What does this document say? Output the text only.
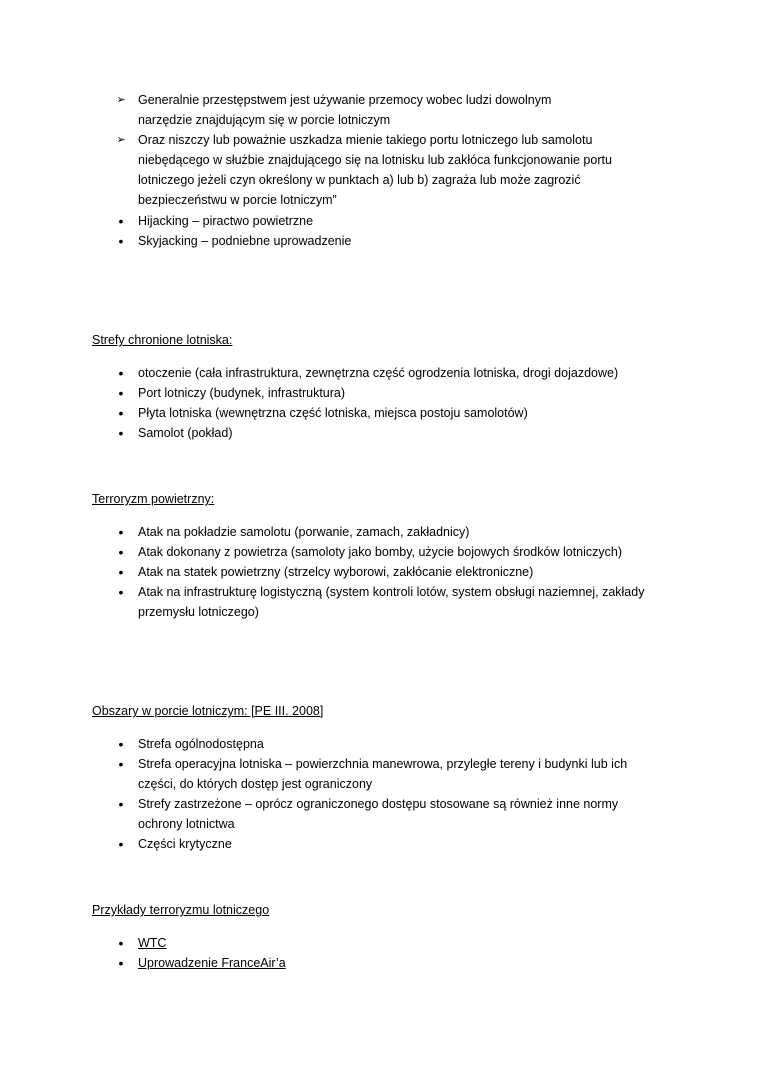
➢ Generalnie przestępstwem jest używanie przemocy wobec ludzi dowolnym narzędzie znajdującym się w porcie lotniczym
➢ Oraz niszczy lub poważnie uszkadza mienie takiego portu lotniczego lub samolotu niebędącego w służbie znajdującego się na lotnisku lub zakłóca funkcjonowanie portu lotniczego jeżeli czyn określony w punktach a) lub b) zagraża lub może zagrozić bezpieczeństwu w porcie lotniczym”
•	Hijacking – piractwo powietrzne
•	Skyjacking – podniebne uprowadzenie
Strefy chronione lotniska:
•	otoczenie (cała infrastruktura, zewnętrzna część ogrodzenia lotniska, drogi dojazdowe)
•	Port lotniczy (budynek, infrastruktura)
•	Płyta lotniska (wewnętrzna część lotniska, miejsca postoju samolotów)
•	Samolot (pokład)
Terroryzm powietrzny:
•	Atak na pokładzie samolotu (porwanie, zamach, zakładnicy)
•	Atak dokonany z powietrza (samoloty jako bomby, użycie bojowych środków lotniczych)
•	Atak na statek powietrzny (strzelcy wyborowi, zakłócanie elektroniczne)
•	Atak na infrastrukturę logistyczną (system kontroli lotów, system obsługi naziemnej, zakłady przemysłu lotniczego)
Obszary w porcie lotniczym: [PE III. 2008]
•	Strefa ogólnodostępna
•	Strefa operacyjna lotniska – powierzchnia manewrowa, przyległe tereny i budynki lub ich części, do których dostęp jest ograniczony
•	Strefy zastrzeżone – oprócz ograniczonego dostępu stosowane są również inne normy ochrony lotnictwa
•	Części krytyczne
Przykłady terroryzmu lotniczego
•	WTC
•	Uprowadzenie FranceAir’a
